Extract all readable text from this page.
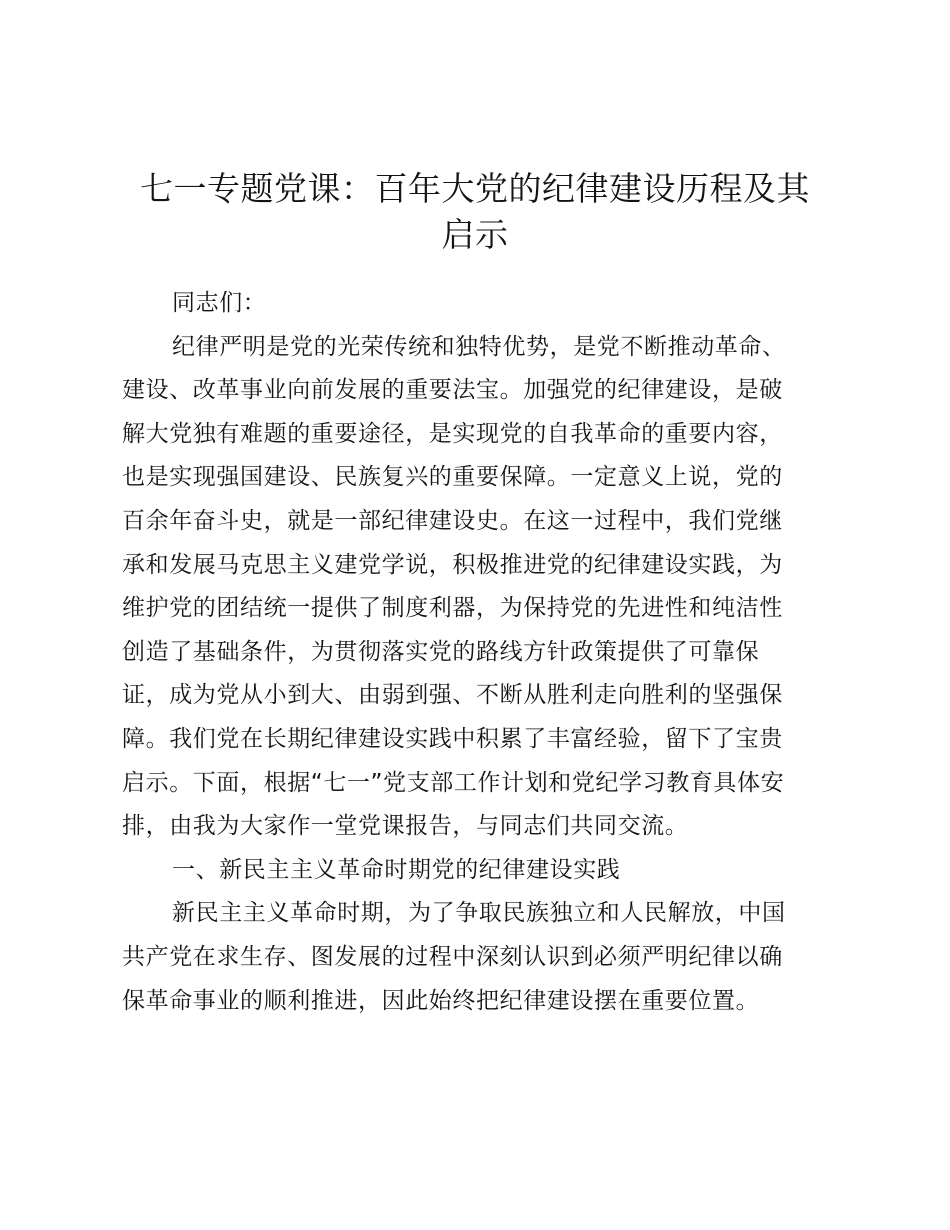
七一专题党课：百年大党的纪律建设历程及其
启示

同志们：

纪律严明是党的光荣传统和独特优势，是党不断推动革命、
建设、改革事业向前发展的重要法宝。加强党的纪律建设，是破
解大党独有难题的重要途径，是实现党的自我革命的重要内容，
也是实现强国建设、民族复兴的重要保障。一定意义上说，党的
百余年奋斗史，就是一部纪律建设史。在这一过程中，我们党继
承和发展马克思主义建党学说，积极推进党的纪律建设实践，为
维护党的团结统一提供了制度利器，为保持党的先进性和纯洁性
创造了基础条件，为贯彻落实党的路线方针政策提供了可靠保
证，成为党从小到大、由弱到强、不断从胜利走向胜利的坚强保
障。我们党在长期纪律建设实践中积累了丰富经验，留下了宝贵
启示。下面，根据“七一”党支部工作计划和党纪学习教育具体安
排，由我为大家作一堂党课报告，与同志们共同交流。

一、新民主主义革命时期党的纪律建设实践

新民主主义革命时期，为了争取民族独立和人民解放，中国
共产党在求生存、图发展的过程中深刻认识到必须严明纪律以确
保革命事业的顺利推进，因此始终把纪律建设摆在重要位置。
